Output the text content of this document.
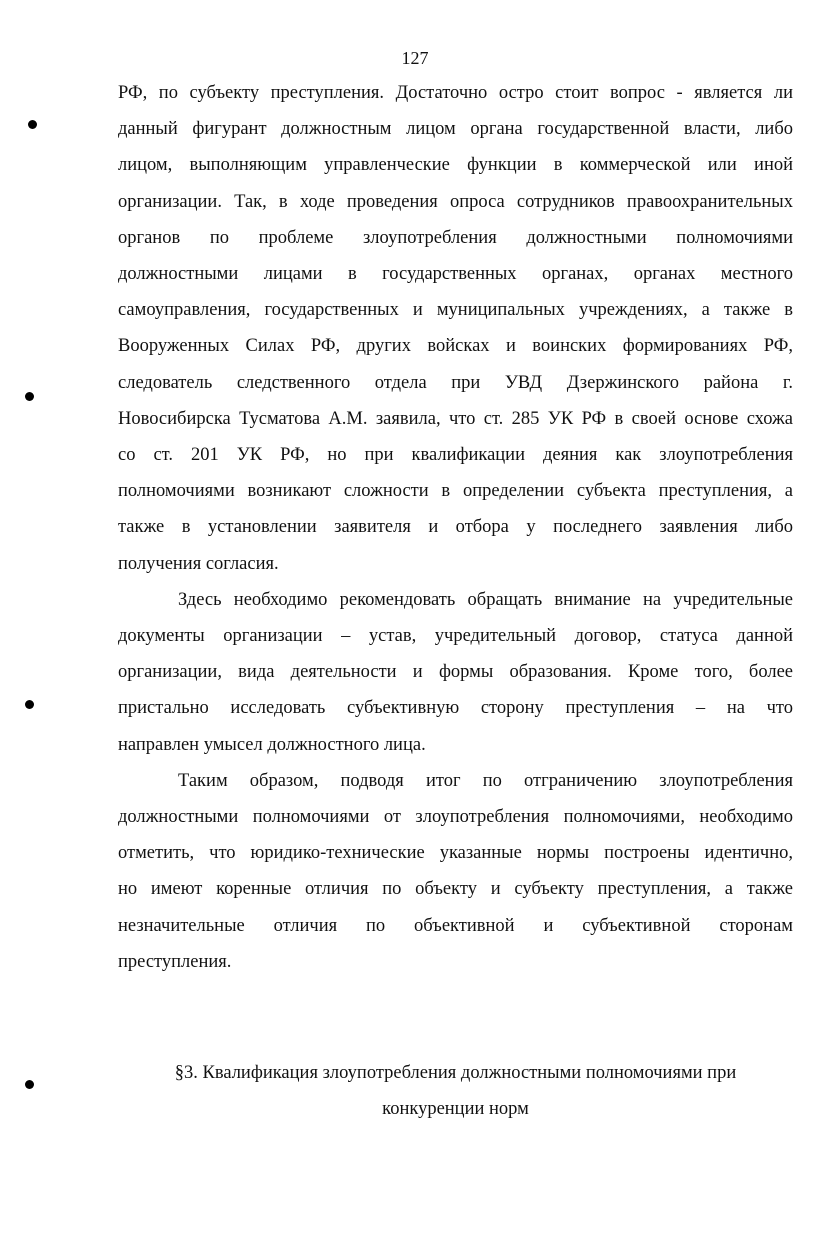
127

РФ, по субъекту преступления. Достаточно остро стоит вопрос - является ли
данный фигурант должностным лицом органа государственной власти, либо
лицом, выполняющим управленческие функции в коммерческой или иной
организации. Так, в ходе проведения опроса сотрудников правоохранительных
органов по проблеме злоупотребления должностными полномочиями
должностными лицами в государственных органах, органах местного
самоуправления, государственных и муниципальных учреждениях, а также в
Вооруженных Силах РФ, других войсках и воинских формированиях РФ,
следователь следственного отдела при УВД Дзержинского района г.
Новосибирска Тусматова А.М. заявила, что ст. 285 УК РФ в своей основе схожа
со ст. 201 УК РФ, но при квалификации деяния как злоупотребления
полномочиями возникают сложности в определении субъекта преступления, а
также в установлении заявителя и отбора у последнего заявления либо
получения согласия.

Здесь необходимо рекомендовать обращать внимание на учредительные
документы организации – устав, учредительный договор, статуса данной
организации, вида деятельности и формы образования. Кроме того, более
пристально исследовать субъективную сторону преступления – на что
направлен умысел должностного лица.

Таким образом, подводя итог по отграничению злоупотребления
должностными полномочиями от злоупотребления полномочиями, необходимо
отметить, что юридико-технические указанные нормы построены идентично,
но имеют коренные отличия по объекту и субъекту преступления, а также
незначительные отличия по объективной и субъективной сторонам
преступления.

§3. Квалификация злоупотребления должностными полномочиями при
конкуренции норм
